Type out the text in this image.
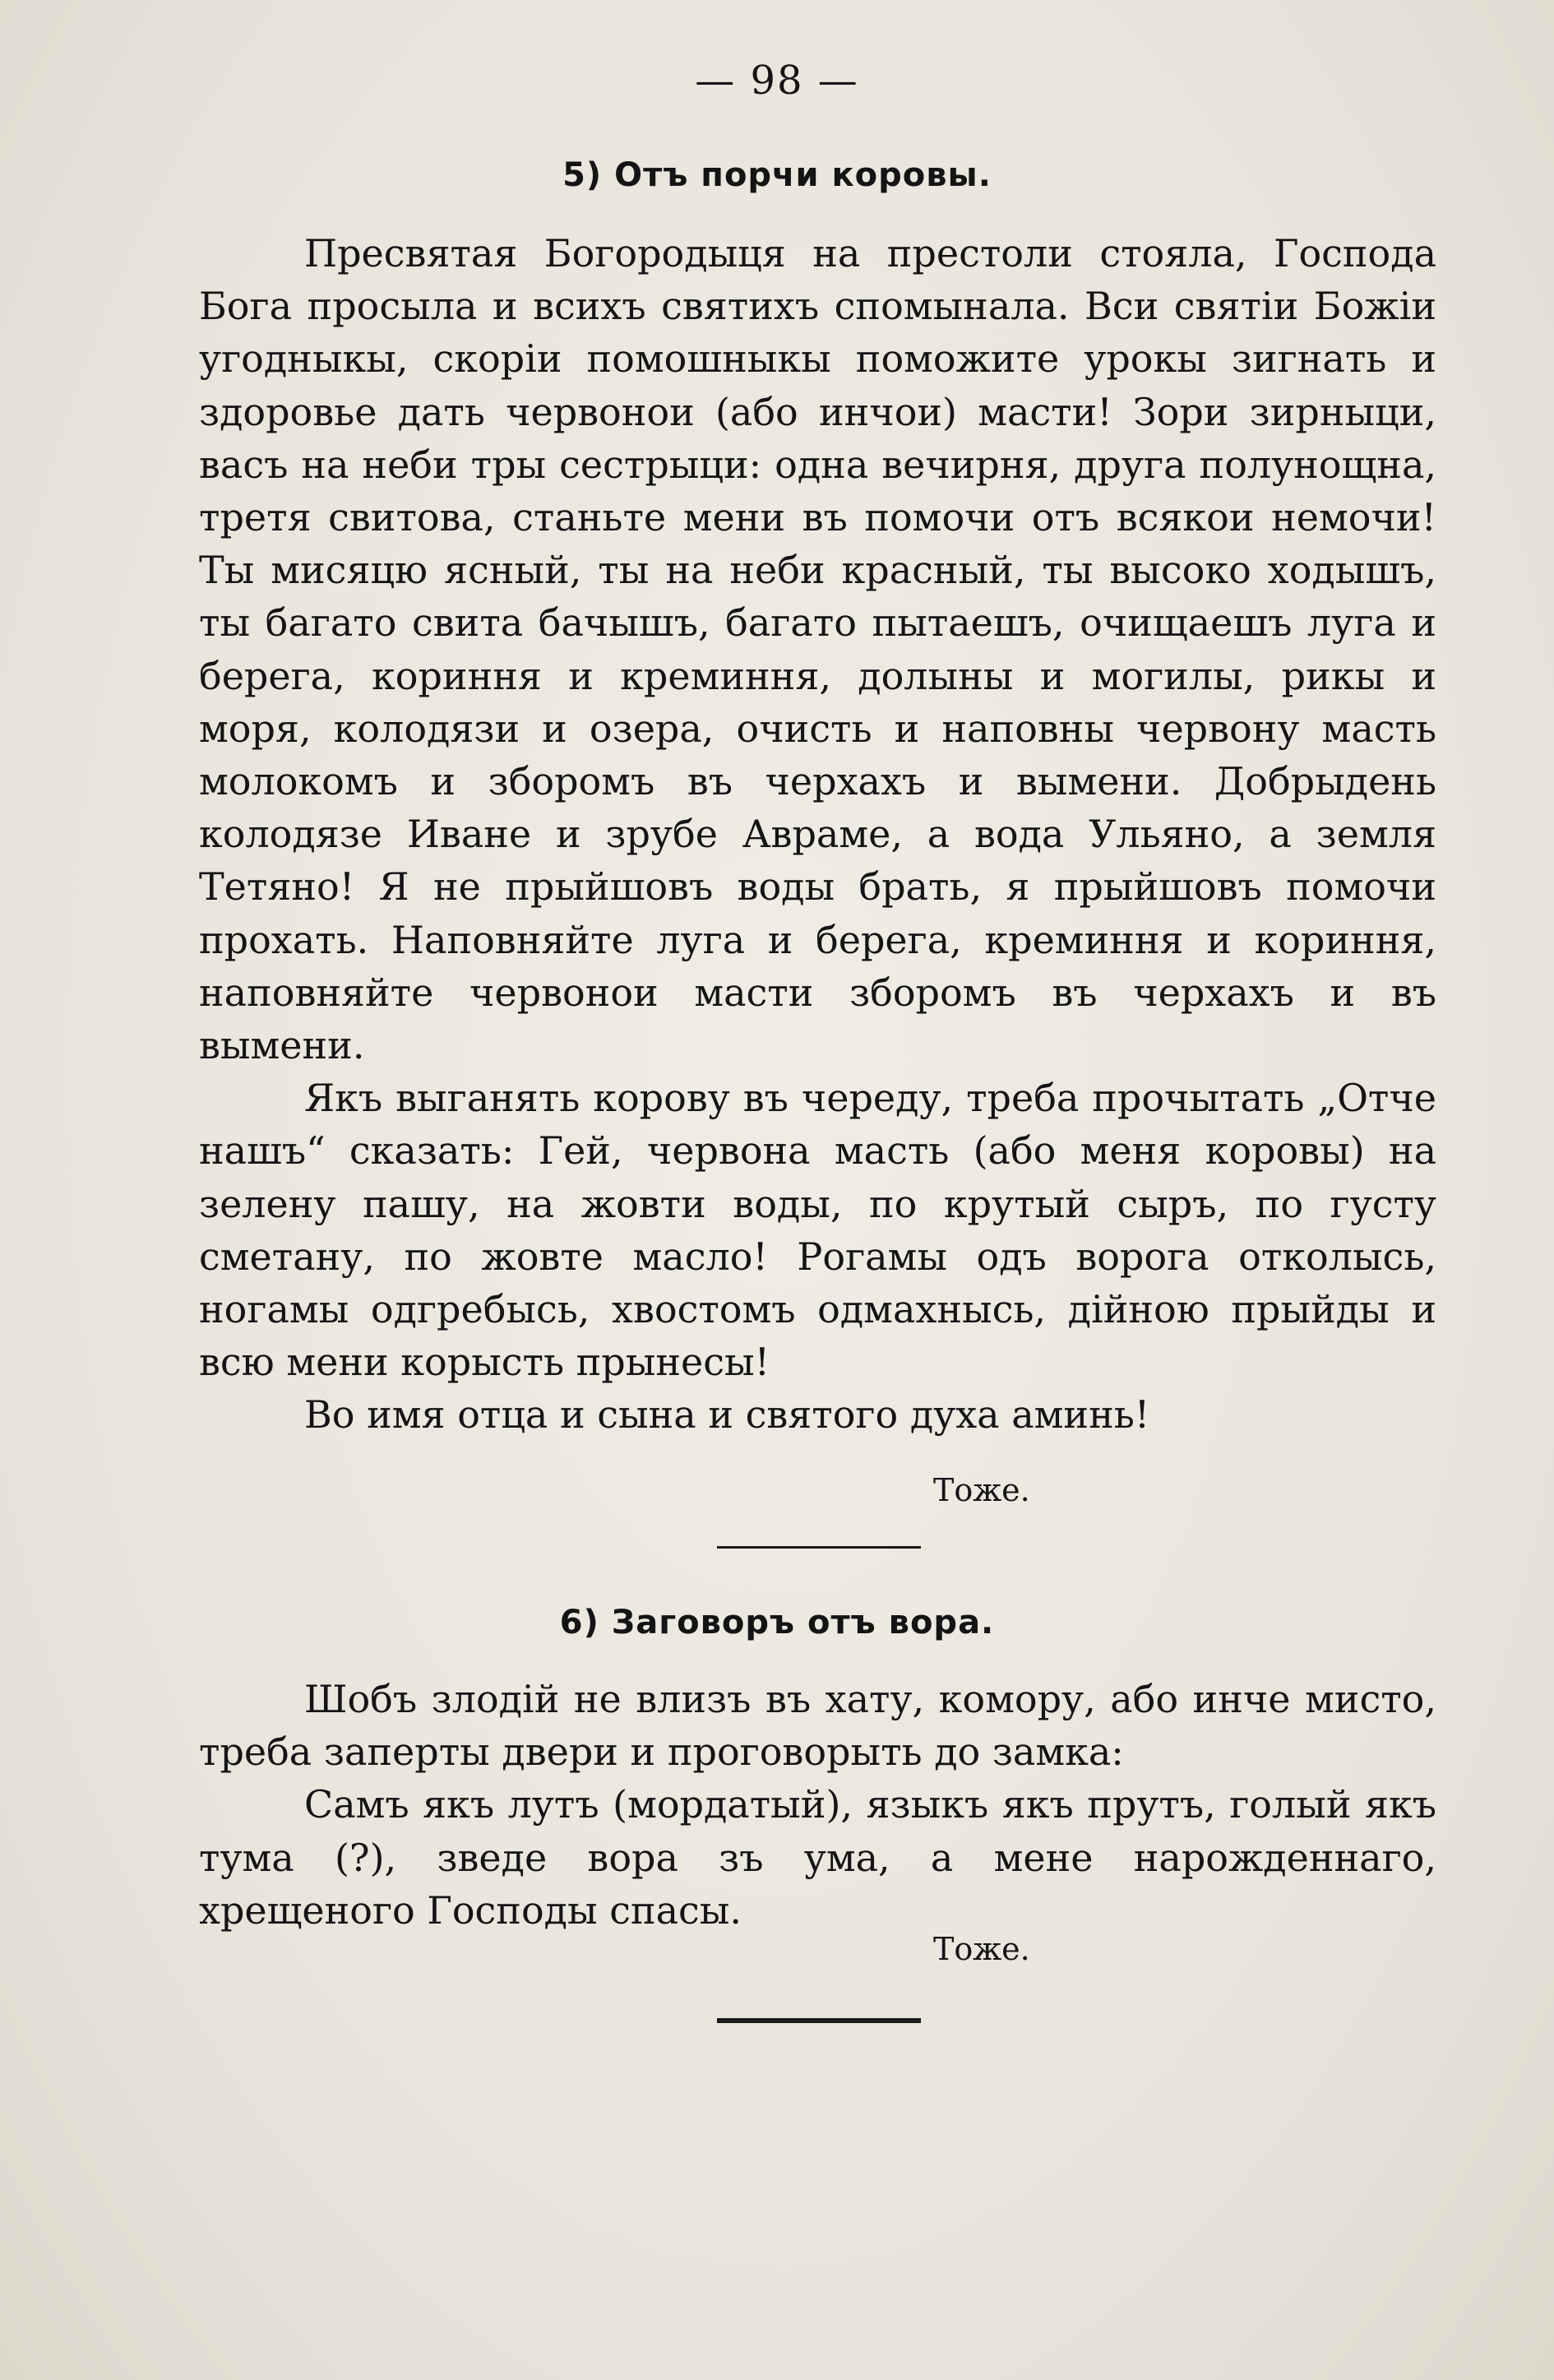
— 98 —
5) Отъ порчи коровы.

Пресвятая Богородыця на престоли стояла, Господа Бога просыла и всихъ святихъ спомынала. Вси святiи Божiи угодныкы, скорiи помошныкы поможите урокы зигнать и здоровье дать червонои (або инчои) масти! Зори зирныци, васъ на неби тры сестрыци: одна вечирня, друга полунощна, третя свитова, станьте мени въ помочи отъ всякои немочи! Ты мисяцю ясный, ты на неби красный, ты высоко ходышъ, ты багато свита бачышъ, багато пытаешъ, очищаешъ луга и берега, кориння и креминня, долыны и могилы, рикы и моря, колодязи и озера, очисть и наповны червону масть молокомъ и зборомъ въ черхахъ и вымени. Добрыдень колодязе Иване и зрубе Авраме, а вода Ульяно, а земля Тетяно! Я не прыйшовъ воды брать, я прыйшовъ помочи прохать. Наповняйте луга и берега, креминня и кориння, наповняйте червонои масти зборомъ въ черхахъ и въ вымени.

Якъ выганять корову въ череду, треба прочытать „Отче нашъ“ сказать: Гей, червона масть (або меня коровы) на зелену пашу, на жовти воды, по крутый сыръ, по густу сметану, по жовте масло! Рогамы одъ ворога отколысь, ногамы одгребысь, хвостомъ одмахнысь, дiйною прыйды и всю мени корысть прынесы!

Во имя отца и сына и святого духа аминь!

Тоже.
6) Заговоръ отъ вора.

Шобъ злодiй не влизъ въ хату, комору, або инче мисто, треба заперты двери и проговорыть до замка:

Самъ якъ лутъ (мордатый), языкъ якъ прутъ, голый якъ тума (?), зведе вора зъ ума, а мене нарожденнаго, хрещеного Господы спасы.

Тоже.
